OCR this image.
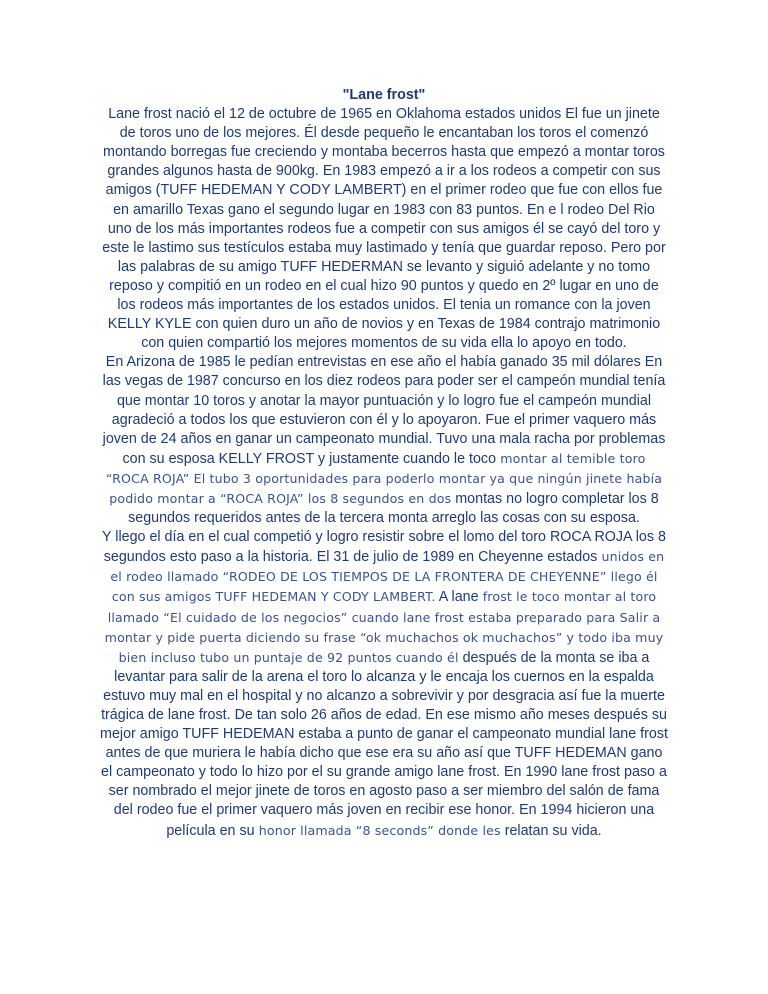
"Lane frost"

Lane frost nació el 12 de octubre de 1965 en Oklahoma estados unidos El fue un jinete de toros uno de los mejores. Él desde pequeño le encantaban los toros el comenzó montando borregas fue creciendo y montaba becerros hasta que empezó a montar toros grandes algunos hasta de 900kg. En 1983 empezó a ir a los rodeos a competir con sus amigos (TUFF HEDEMAN Y CODY LAMBERT) en el primer rodeo que fue con ellos fue en amarillo Texas gano el segundo lugar en 1983 con 83 puntos. En e l rodeo Del Rio uno de los más importantes rodeos fue a competir con sus amigos él se cayó del toro y este le lastimo sus testículos estaba muy lastimado y tenía que guardar reposo. Pero por las palabras de su amigo TUFF HEDERMAN se levanto y siguió adelante y no tomo reposo y compitió en un rodeo en el cual hizo 90 puntos y quedo en 2º lugar en uno de los rodeos más importantes de los estados unidos. El tenia un romance con la joven KELLY KYLE con quien duro un año de novios y en Texas de 1984 contrajo matrimonio con quien compartió los mejores momentos de su vida ella lo apoyo en todo.

En Arizona de 1985 le pedían entrevistas en ese año el había ganado 35 mil dólares En las vegas de 1987 concurso en los diez rodeos para poder ser el campeón mundial tenía que montar 10 toros y anotar la mayor puntuación y lo logro fue el campeón mundial agradeció a todos los que estuvieron con él y lo apoyaron. Fue el primer vaquero más joven de 24 años en ganar un campeonato mundial. Tuvo una mala racha por problemas con su esposa KELLY FROST y justamente cuando le toco montar al temible toro “ROCA ROJA” El tubo 3 oportunidades para poderlo montar ya que ningún jinete había podido montar a “ROCA ROJA” los 8 segundos en dos montas no logro completar los 8 segundos requeridos antes de la tercera monta arreglo las cosas con su esposa.

Y llego el día en el cual competió y logro resistir sobre el lomo del toro ROCA ROJA los 8 segundos esto paso a la historia. El 31 de julio de 1989 en Cheyenne estados unidos en el rodeo llamado “RODEO DE LOS TIEMPOS DE LA FRONTERA DE CHEYENNE” llego él con sus amigos TUFF HEDEMAN Y CODY LAMBERT. A lane frost le toco montar al toro llamado “El cuidado de los negocios” cuando lane frost estaba preparado para Salir a montar y pide puerta diciendo su frase “ok muchachos ok muchachos” y todo iba muy bien incluso tubo un puntaje de 92 puntos cuando él después de la monta se iba a levantar para salir de la arena el toro lo alcanza y le encaja los cuernos en la espalda estuvo muy mal en el hospital y no alcanzo a sobrevivir y por desgracia así fue la muerte trágica de lane frost. De tan solo 26 años de edad. En ese mismo año meses después su mejor amigo TUFF HEDEMAN estaba a punto de ganar el campeonato mundial lane frost antes de que muriera le había dicho que ese era su año así que TUFF HEDEMAN gano el campeonato y todo lo hizo por el su grande amigo lane frost. En 1990 lane frost paso a ser nombrado el mejor jinete de toros en agosto paso a ser miembro del salón de fama del rodeo fue el primer vaquero más joven en recibir ese honor. En 1994 hicieron una película en su honor llamada “8 seconds” donde les relatan su vida.
